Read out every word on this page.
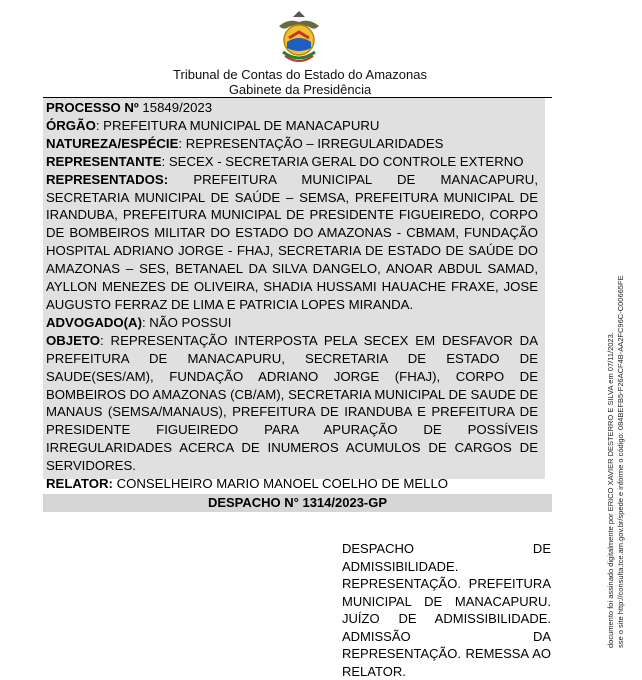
Tribunal de Contas do Estado do Amazonas
Gabinete da Presidência

PROCESSO Nº 15849/2023

ÓRGÃO: PREFEITURA MUNICIPAL DE MANACAPURU

NATUREZA/ESPÉCIE: REPRESENTAÇÃO – IRREGULARIDADES

REPRESENTANTE: SECEX - SECRETARIA GERAL DO CONTROLE EXTERNO

REPRESENTADOS: PREFEITURA MUNICIPAL DE MANACAPURU, SECRETARIA MUNICIPAL DE SAÚDE – SEMSA, PREFEITURA MUNICIPAL DE IRANDUBA, PREFEITURA MUNICIPAL DE PRESIDENTE FIGUEIREDO, CORPO DE BOMBEIROS MILITAR DO ESTADO DO AMAZONAS - CBMAM, FUNDAÇÃO HOSPITAL ADRIANO JORGE - FHAJ, SECRETARIA DE ESTADO DE SAÚDE DO AMAZONAS – SES, BETANAEL DA SILVA DANGELO, ANOAR ABDUL SAMAD, AYLLON MENEZES DE OLIVEIRA, SHADIA HUSSAMI HAUACHE FRAXE, JOSE AUGUSTO FERRAZ DE LIMA E PATRICIA LOPES MIRANDA.

ADVOGADO(A): NÃO POSSUI

OBJETO: REPRESENTAÇÃO INTERPOSTA PELA SECEX EM DESFAVOR DA PREFEITURA DE MANACAPURU, SECRETARIA DE ESTADO DE SAUDE(SES/AM), FUNDAÇÃO ADRIANO JORGE (FHAJ), CORPO DE BOMBEIROS DO AMAZONAS (CB/AM), SECRETARIA MUNICIPAL DE SAUDE DE MANAUS (SEMSA/MANAUS), PREFEITURA DE IRANDUBA E PREFEITURA DE PRESIDENTE FIGUEIREDO PARA APURAÇÃO DE POSSÍVEIS IRREGULARIDADES ACERCA DE INUMEROS ACUMULOS DE CARGOS DE SERVIDORES.

RELATOR: CONSELHEIRO MARIO MANOEL COELHO DE MELLO

DESPACHO N° 1314/2023-GP
DESPACHO DE ADMISSIBILIDADE. REPRESENTAÇÃO. PREFEITURA MUNICIPAL DE MANACAPURU. JUÍZO DE ADMISSIBILIDADE. ADMISSÃO DA REPRESENTAÇÃO. REMESSA AO RELATOR.
documento foi assinado digitalmente por ERICO XAVIER DESTERRO E SILVA em 07/11/2023. sse o site http://consulta.tce.am.gov.br/spede e informe o código: 084BEFB5-F26ACF4B-AA2FC96C-C00665FE
